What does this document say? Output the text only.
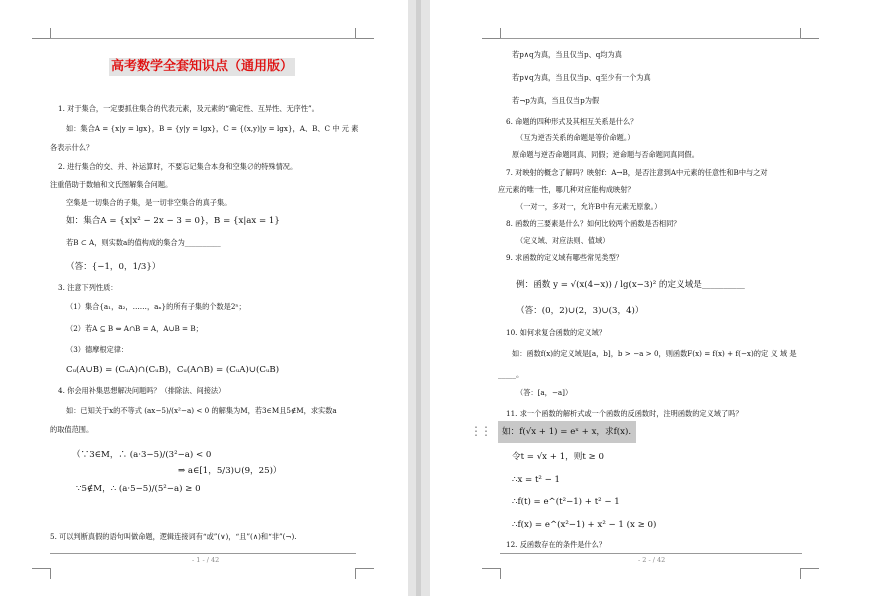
高考数学全套知识点（通用版）
1. 对于集合，一定要抓住集合的代表元素，及元素的“确定性、互异性、无序性”。
如：集合A = {x|y = lgx}，B = {y|y = lgx}，C = {(x,y)|y = lgx}，A、B、C 中 元 素
各表示什么？
2. 进行集合的交、并、补运算时，不要忘记集合本身和空集∅的特殊情况。
注重借助于数轴和文氏图解集合问题。
空集是一切集合的子集，是一切非空集合的真子集。
如：集合A = {x|x² − 2x − 3 = 0}，B = {x|ax = 1}
若B ⊂ A，则实数a的值构成的集合为__________
（答：{−1，0，1/3}）
3. 注意下列性质：
（1）集合{a₁，a₂，……，aₙ}的所有子集的个数是2ⁿ；
（2）若A ⊆ B ⇔ A∩B = A，A∪B = B；
（3）德摩根定律：
Cᵤ(A∪B) = (CᵤA)∩(CᵤB)，Cᵤ(A∩B) = (CᵤA)∪(CᵤB)
4. 你会用补集思想解决问题吗？（排除法、间接法）
如：已知关于x的不等式 (ax−5)/(x²−a) < 0 的解集为M，若3∈M且5∉M，求实数a
的取值范围。
（∵3∈M，∴ (a·3−5)/(3²−a) < 0
⇒ a∈[1，5/3)∪(9，25)）
∵5∉M，∴ (a·5−5)/(5²−a) ≥ 0
5. 可以判断真假的语句叫做命题，逻辑连接词有“或”(∨)，“且”(∧)和“非”(¬).
- 1 - / 42
若p∧q为真，当且仅当p、q均为真
若p∨q为真，当且仅当p、q至少有一个为真
若¬p为真，当且仅当p为假
6. 命题的四种形式及其相互关系是什么？
（互为逆否关系的命题是等价命题。）
原命题与逆否命题同真、同假；逆命题与否命题同真同假。
7. 对映射的概念了解吗？映射f：A→B，是否注意到A中元素的任意性和B中与之对
应元素的唯一性，哪几种对应能构成映射？
（一对一，多对一，允许B中有元素无原象。）
8. 函数的三要素是什么？如何比较两个函数是否相同？
（定义域、对应法则、值域）
9. 求函数的定义域有哪些常见类型？
例：函数 y = √(x(4−x)) / lg(x−3)² 的定义域是__________
（答：(0，2)∪(2，3)∪(3，4)）
10. 如何求复合函数的定义域？
如：函数f(x)的定义域是[a，b]，b > −a > 0，则函数F(x) = f(x) + f(−x)的定 义 域 是
_____。
（答：[a，−a]）
11. 求一个函数的解析式或一个函数的反函数时，注明函数的定义域了吗？
如：f(√x + 1) = eˣ + x，求f(x).
令t = √x + 1，则t ≥ 0
∴x = t² − 1
∴f(t) = e^(t²−1) + t² − 1
∴f(x) = e^(x²−1) + x² − 1 (x ≥ 0)
12. 反函数存在的条件是什么？
- 2 - / 42
⋮⋮
